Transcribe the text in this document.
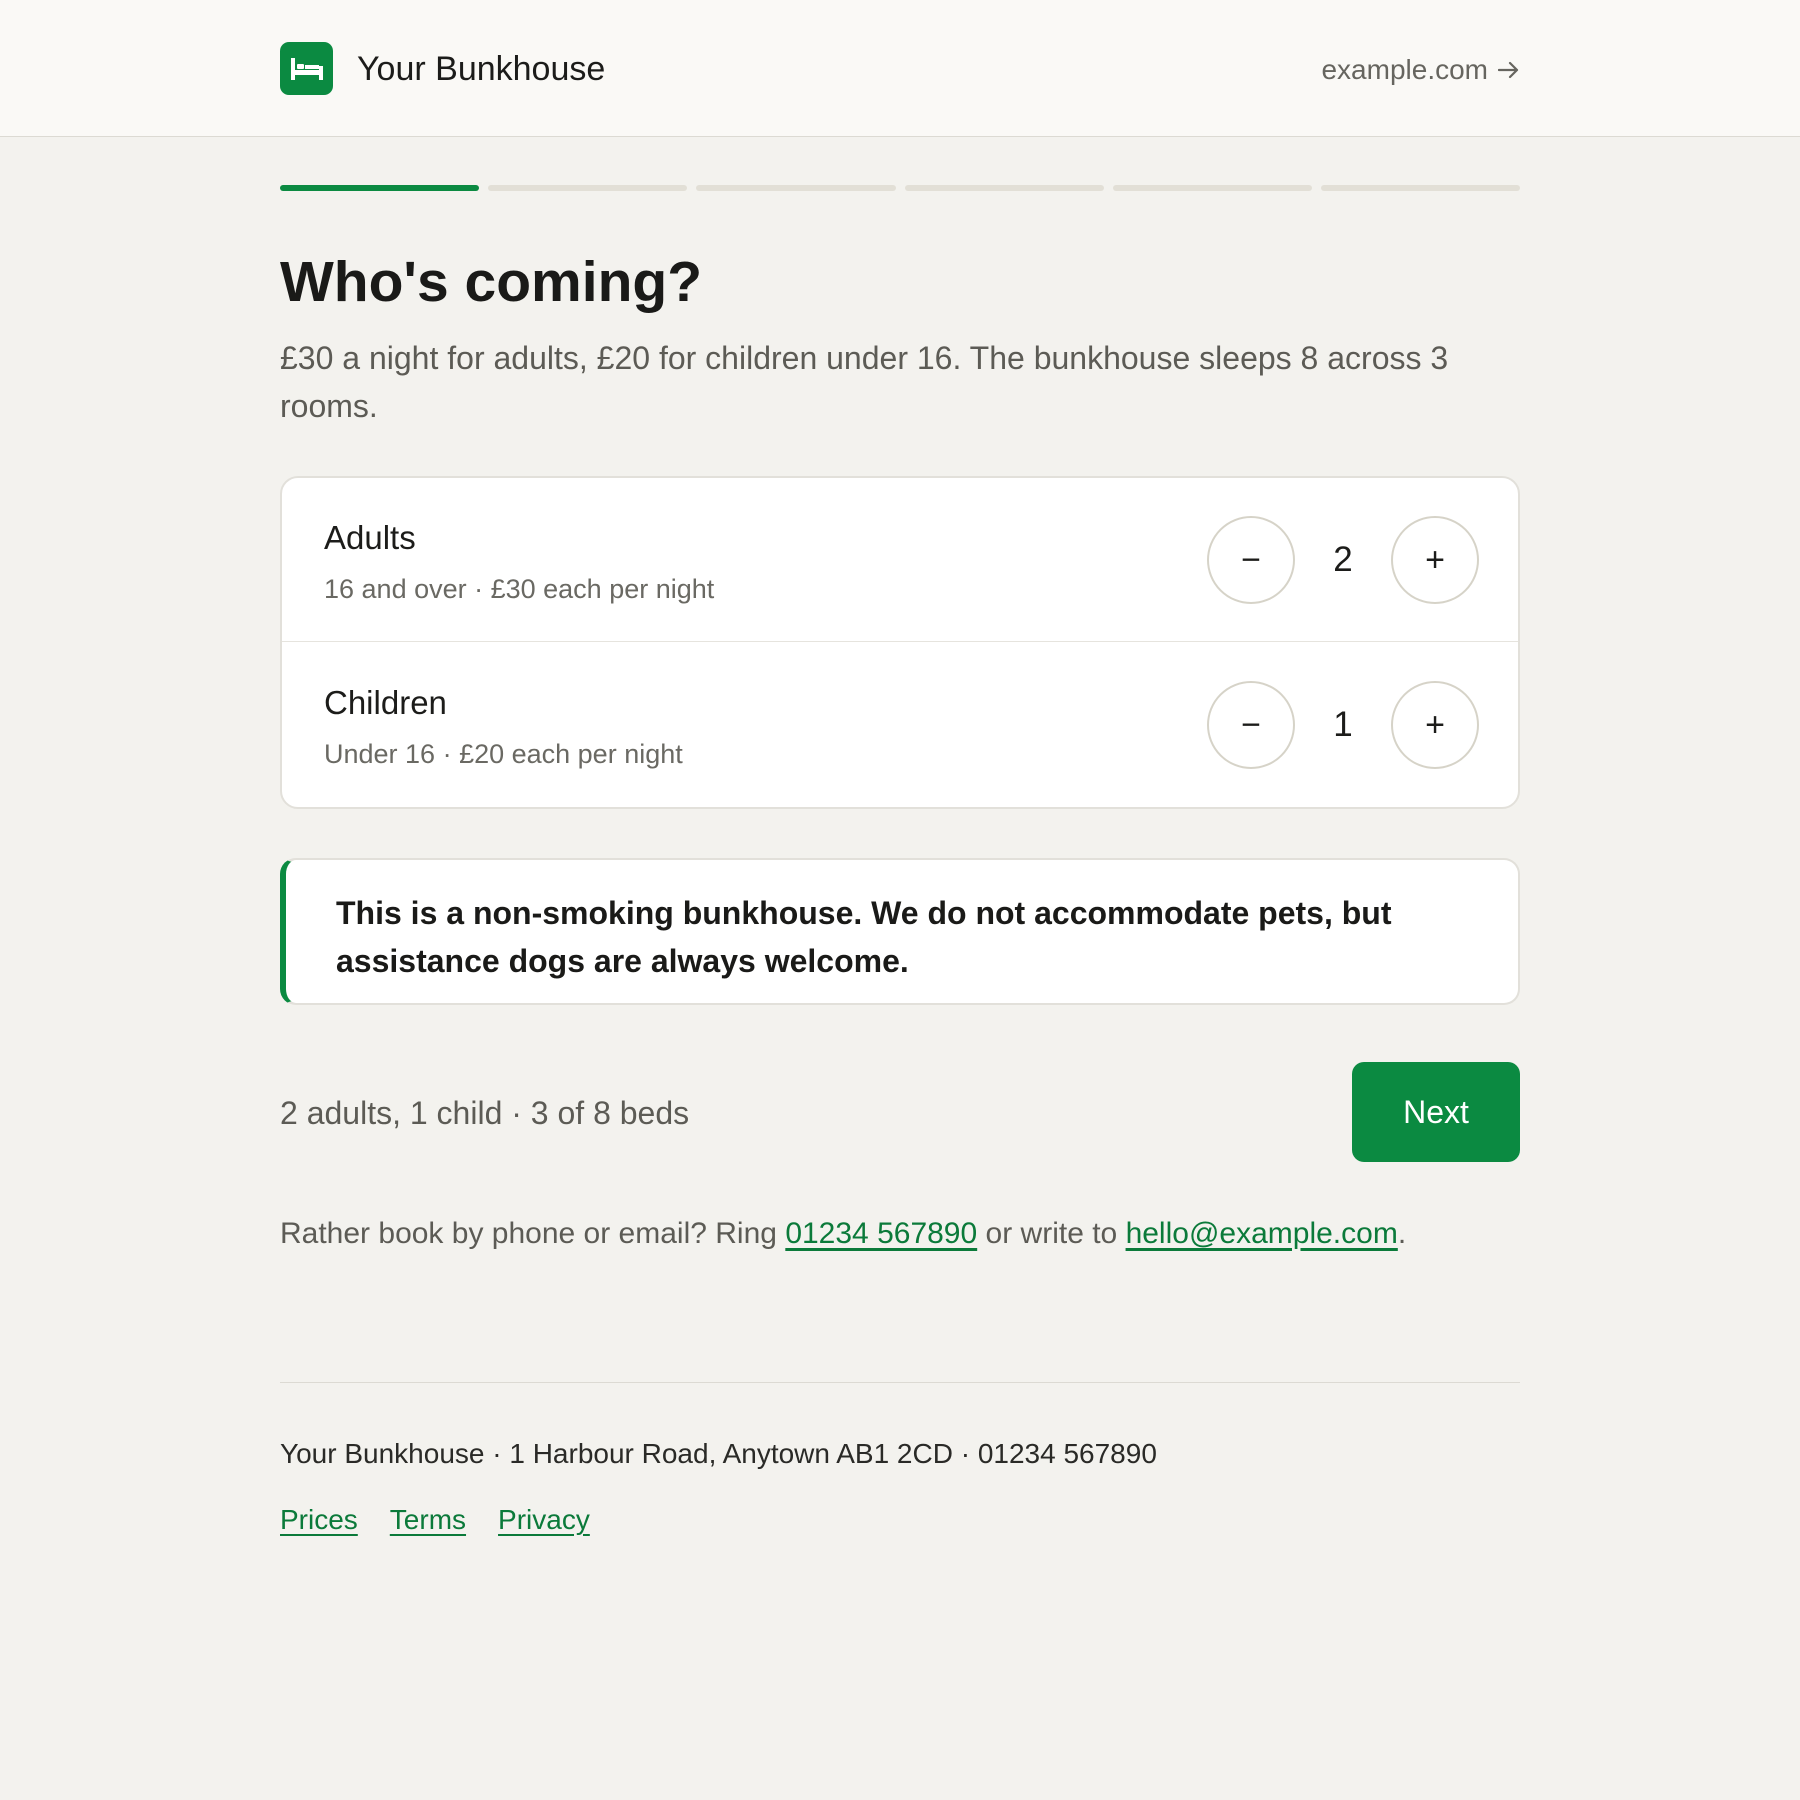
Your Bunkhouse	example.com
Who's coming?

£30 a night for adults, £20 for children under 16. The bunkhouse sleeps 8 across 3 rooms.

Adults
16 and over · £30 each per night
−	2	+
Children
Under 16 · £20 each per night
−	1	+
This is a non-smoking bunkhouse. We do not accommodate pets, but assistance dogs are always welcome.
2 adults, 1 child · 3 of 8 beds	Next

Rather book by phone or email? Ring 01234 567890 or write to hello@example.com.

Your Bunkhouse · 1 Harbour Road, Anytown AB1 2CD · 01234 567890
Prices Terms Privacy
